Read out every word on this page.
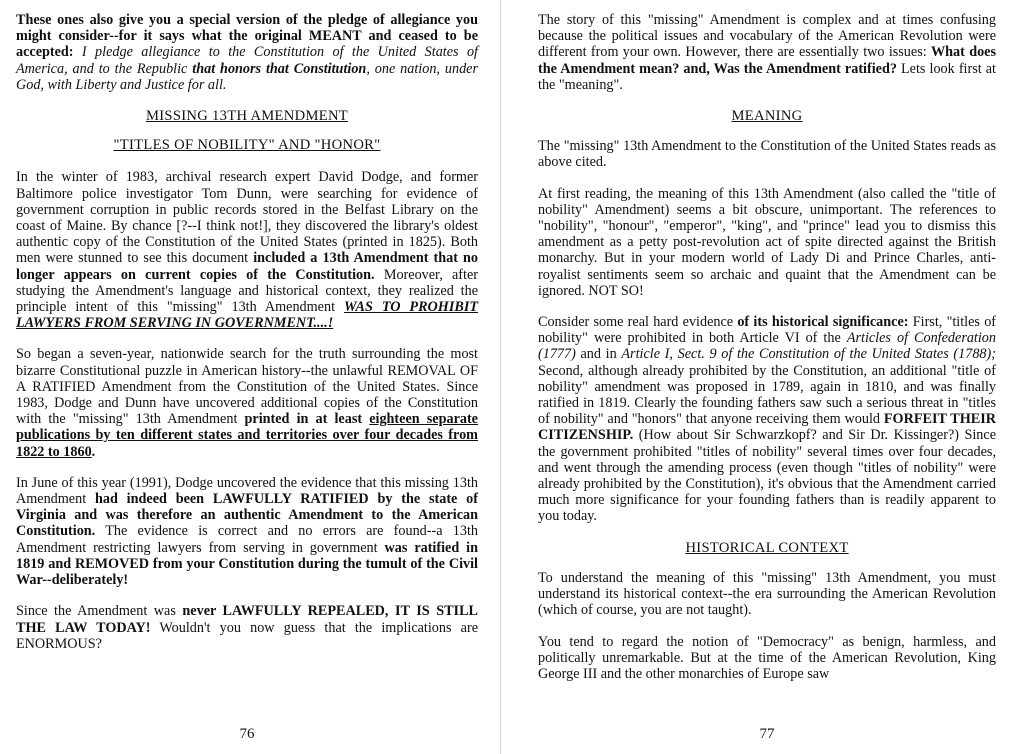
These ones also give you a special version of the pledge of allegiance you might consider--for it says what the original MEANT and ceased to be accepted: I pledge allegiance to the Constitution of the United States of America, and to the Republic that honors that Constitution, one nation, under God, with Liberty and Justice for all.

MISSING 13TH AMENDMENT
"TITLES OF NOBILITY" AND "HONOR"

In the winter of 1983, archival research expert David Dodge, and former Baltimore police investigator Tom Dunn, were searching for evidence of government corruption in public records stored in the Belfast Library on the coast of Maine. By chance [?--I think not!], they discovered the library's oldest authentic copy of the Constitution of the United States (printed in 1825). Both men were stunned to see this document included a 13th Amendment that no longer appears on current copies of the Constitution. Moreover, after studying the Amendment's language and historical context, they realized the principle intent of this "missing" 13th Amendment WAS TO PROHIBIT LAWYERS FROM SERVING IN GOVERNMENT....!

So began a seven-year, nationwide search for the truth surrounding the most bizarre Constitutional puzzle in American history--the unlawful REMOVAL OF A RATIFIED Amendment from the Constitution of the United States. Since 1983, Dodge and Dunn have uncovered additional copies of the Constitution with the "missing" 13th Amendment printed in at least eighteen separate publications by ten different states and territories over four decades from 1822 to 1860.

In June of this year (1991), Dodge uncovered the evidence that this missing 13th Amendment had indeed been LAWFULLY RATIFIED by the state of Virginia and was therefore an authentic Amendment to the American Constitution. The evidence is correct and no errors are found--a 13th Amendment restricting lawyers from serving in government was ratified in 1819 and REMOVED from your Constitution during the tumult of the Civil War--deliberately!

Since the Amendment was never LAWFULLY REPEALED, IT IS STILL THE LAW TODAY! Wouldn't you now guess that the implications are ENORMOUS?

76

The story of this "missing" Amendment is complex and at times confusing because the political issues and vocabulary of the American Revolution were different from your own. However, there are essentially two issues: What does the Amendment mean? and, Was the Amendment ratified? Lets look first at the "meaning".

MEANING

The "missing" 13th Amendment to the Constitution of the United States reads as above cited.

At first reading, the meaning of this 13th Amendment (also called the "title of nobility" Amendment) seems a bit obscure, unimportant. The references to "nobility", "honour", "emperor", "king", and "prince" lead you to dismiss this amendment as a petty post-revolution act of spite directed against the British monarchy. But in your modern world of Lady Di and Prince Charles, anti-royalist sentiments seem so archaic and quaint that the Amendment can be ignored. NOT SO!

Consider some real hard evidence of its historical significance: First, "titles of nobility" were prohibited in both Article VI of the Articles of Confederation (1777) and in Article I, Sect. 9 of the Constitution of the United States (1788); Second, although already prohibited by the Constitution, an additional "title of nobility" amendment was proposed in 1789, again in 1810, and was finally ratified in 1819. Clearly the founding fathers saw such a serious threat in "titles of nobility" and "honors" that anyone receiving them would FORFEIT THEIR CITIZENSHIP. (How about Sir Schwarzkopf? and Sir Dr. Kissinger?) Since the government prohibited "titles of nobility" several times over four decades, and went through the amending process (even though "titles of nobility" were already prohibited by the Constitution), it's obvious that the Amendment carried much more significance for your founding fathers than is readily apparent to you today.

HISTORICAL CONTEXT

To understand the meaning of this "missing" 13th Amendment, you must understand its historical context--the era surrounding the American Revolution (which of course, you are not taught).

You tend to regard the notion of "Democracy" as benign, harmless, and politically unremarkable. But at the time of the American Revolution, King George III and the other monarchies of Europe saw

77
